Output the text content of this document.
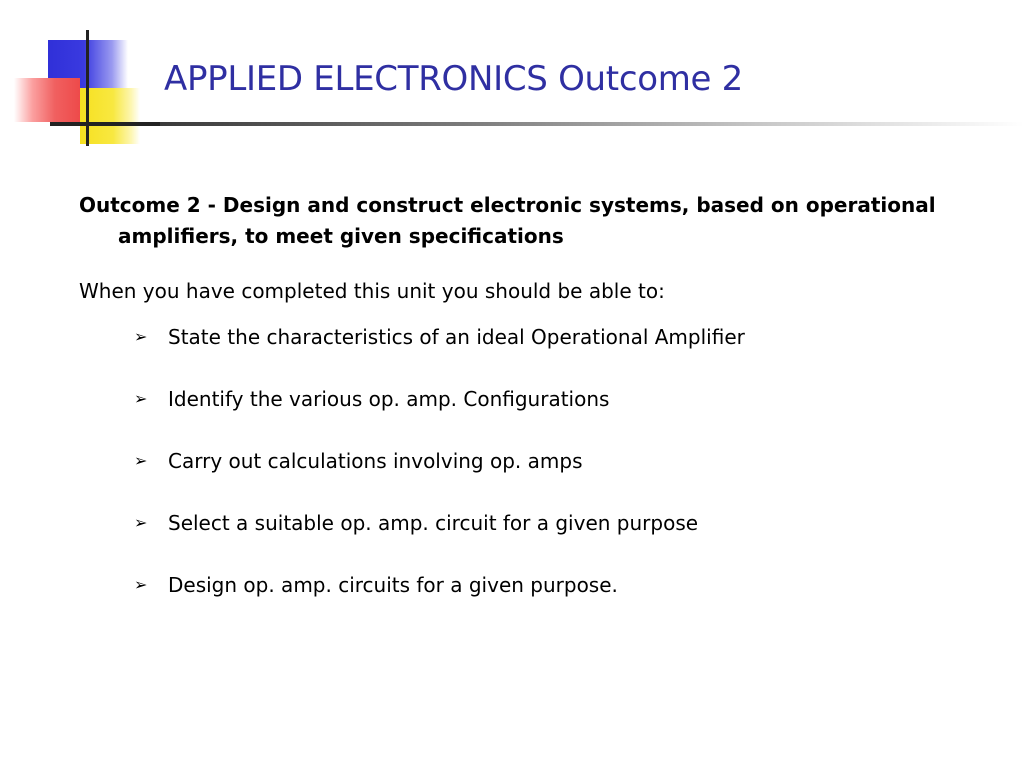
APPLIED ELECTRONICS Outcome 2

Outcome 2 - Design and construct electronic systems, based on operational amplifiers, to meet given specifications

When you have completed this unit you should be able to:

➢ State the characteristics of an ideal Operational Amplifier
➢ Identify the various op. amp. Configurations
➢ Carry out calculations involving op. amps
➢ Select a suitable op. amp. circuit for a given purpose
➢ Design op. amp. circuits for a given purpose.
